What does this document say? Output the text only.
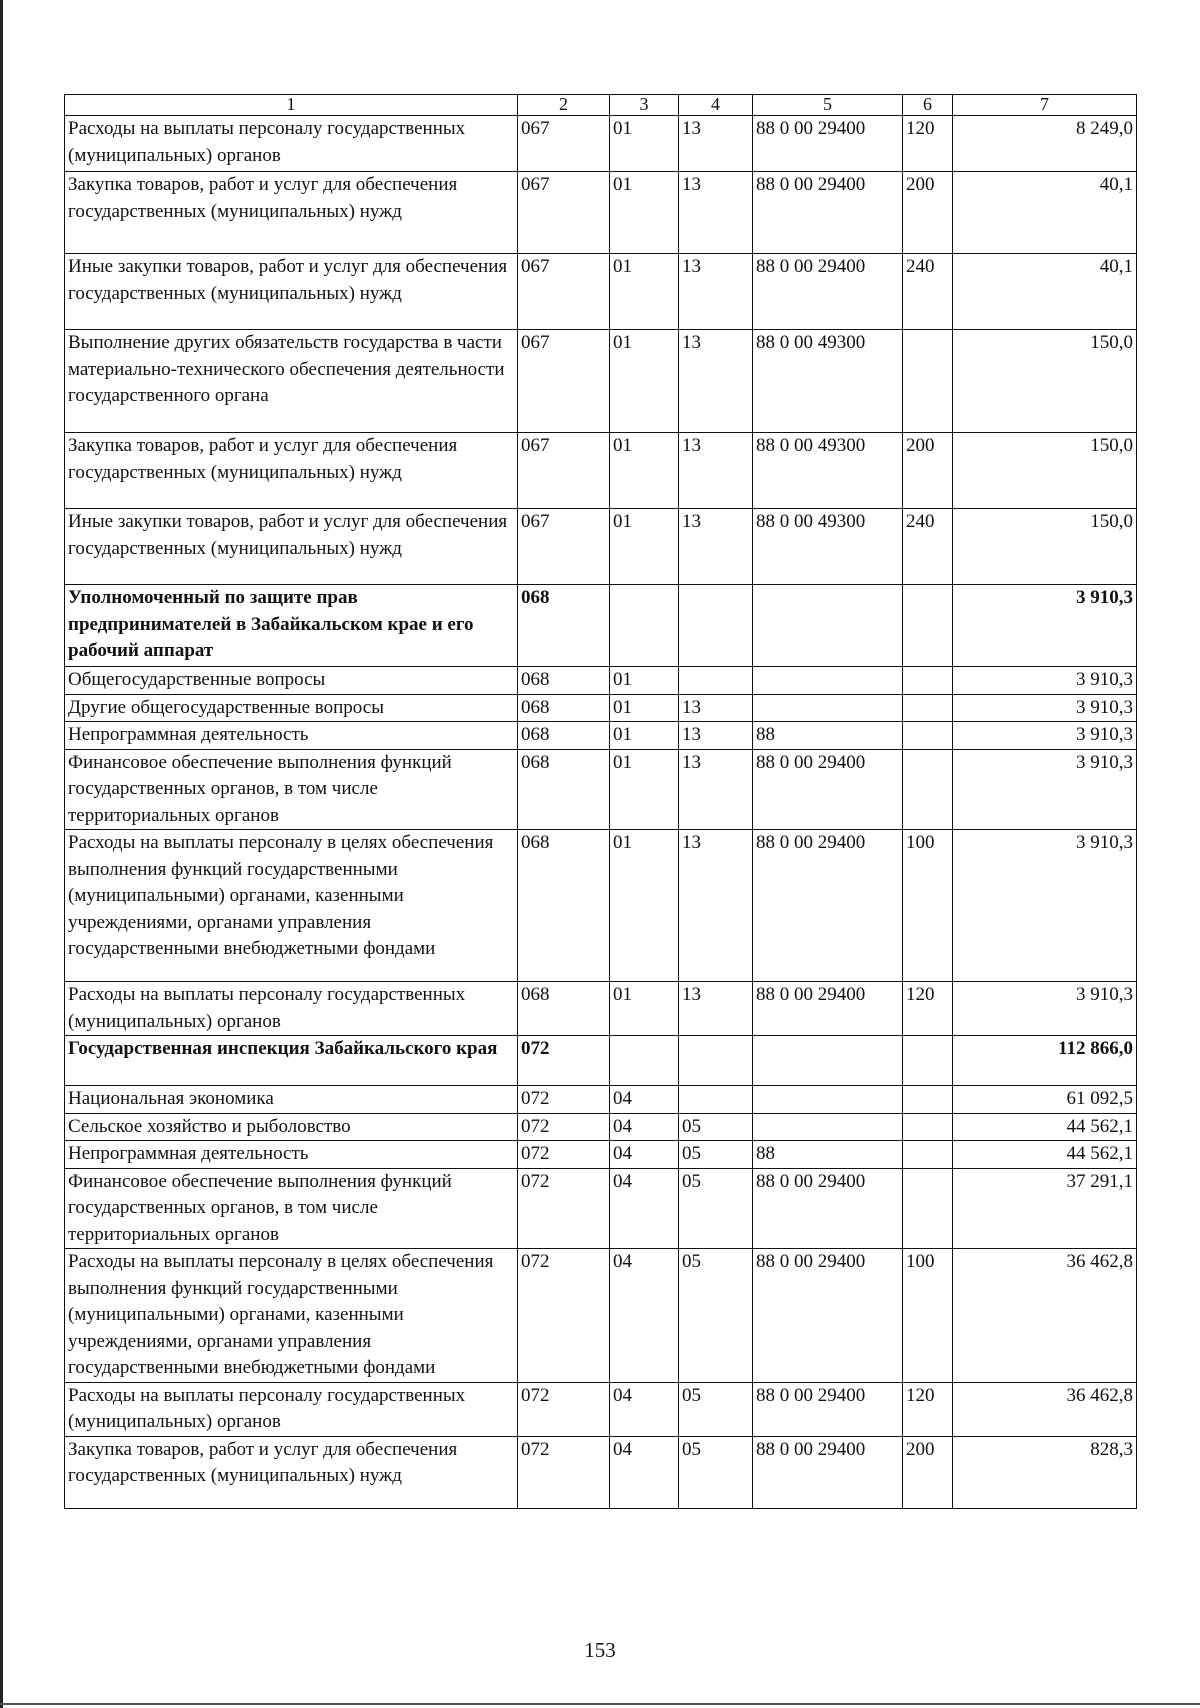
1	2	3	4	5	6	7
Расходы на выплаты персоналу государственных (муниципальных) органов	067	01	13	88 0 00 29400	120	8 249,0
Закупка товаров, работ и услуг для обеспечения государственных (муниципальных) нужд	067	01	13	88 0 00 29400	200	40,1
Иные закупки товаров, работ и услуг для обеспечения государственных (муниципальных) нужд	067	01	13	88 0 00 29400	240	40,1
Выполнение других обязательств государства в части материально-технического обеспечения деятельности государственного органа	067	01	13	88 0 00 49300		150,0
Закупка товаров, работ и услуг для обеспечения государственных (муниципальных) нужд	067	01	13	88 0 00 49300	200	150,0
Иные закупки товаров, работ и услуг для обеспечения государственных (муниципальных) нужд	067	01	13	88 0 00 49300	240	150,0
Уполномоченный по защите прав предпринимателей в Забайкальском крае и его рабочий аппарат	068					3 910,3
Общегосударственные вопросы	068	01				3 910,3
Другие общегосударственные вопросы	068	01	13			3 910,3
Непрограммная деятельность	068	01	13	88		3 910,3
Финансовое обеспечение выполнения функций государственных органов, в том числе территориальных органов	068	01	13	88 0 00 29400		3 910,3
Расходы на выплаты персоналу в целях обеспечения выполнения функций государственными (муниципальными) органами, казенными учреждениями, органами управления государственными внебюджетными фондами	068	01	13	88 0 00 29400	100	3 910,3
Расходы на выплаты персоналу государственных (муниципальных) органов	068	01	13	88 0 00 29400	120	3 910,3
Государственная инспекция Забайкальского края	072					112 866,0
Национальная экономика	072	04				61 092,5
Сельское хозяйство и рыболовство	072	04	05			44 562,1
Непрограммная деятельность	072	04	05	88		44 562,1
Финансовое обеспечение выполнения функций государственных органов, в том числе территориальных органов	072	04	05	88 0 00 29400		37 291,1
Расходы на выплаты персоналу в целях обеспечения выполнения функций государственными (муниципальными) органами, казенными учреждениями, органами управления государственными внебюджетными фондами	072	04	05	88 0 00 29400	100	36 462,8
Расходы на выплаты персоналу государственных (муниципальных) органов	072	04	05	88 0 00 29400	120	36 462,8
Закупка товаров, работ и услуг для обеспечения государственных (муниципальных) нужд	072	04	05	88 0 00 29400	200	828,3
153
